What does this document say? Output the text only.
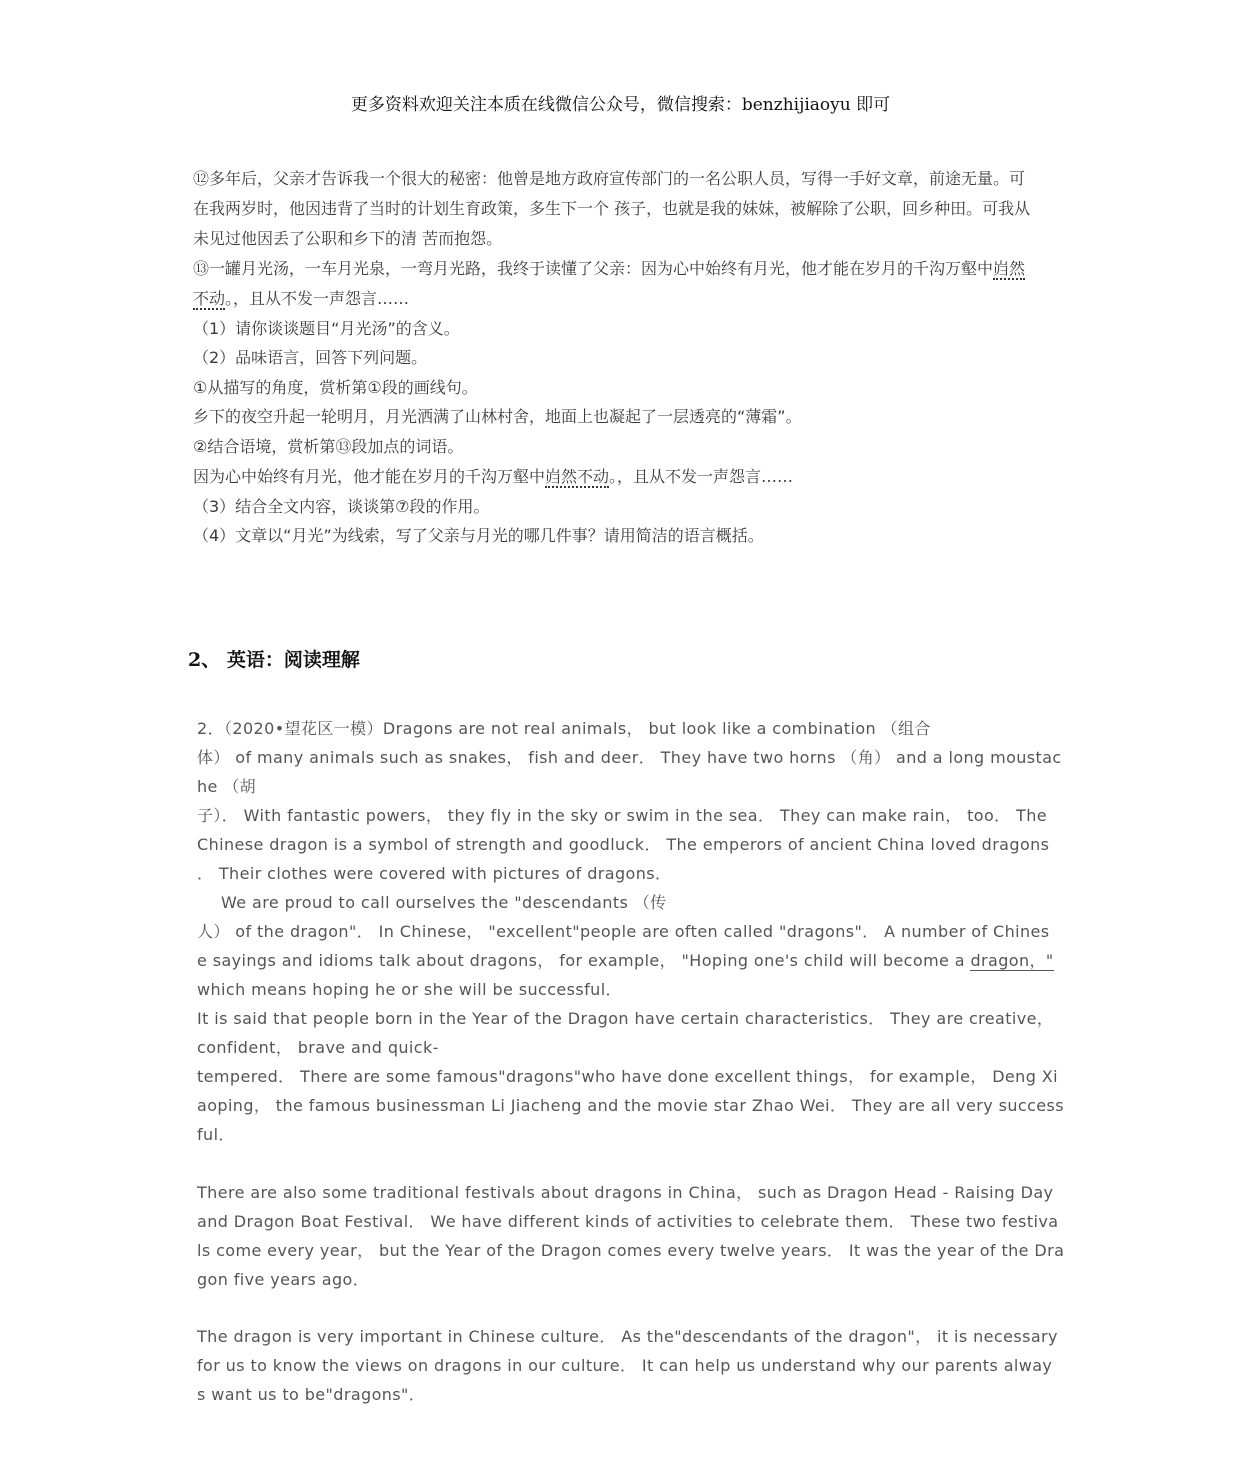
更多资料欢迎关注本质在线微信公众号，微信搜索：benzhijiaoyu 即可
⑫多年后，父亲才告诉我一个很大的秘密：他曾是地方政府宣传部门的一名公职人员，写得一手好文章，前途无量。可
在我两岁时，他因违背了当时的计划生育政策，多生下一个 孩子，也就是我的妹妹，被解除了公职，回乡种田。可我从
未见过他因丢了公职和乡下的清 苦而抱怨。
⑬一罐月光汤，一车月光泉，一弯月光路，我终于读懂了父亲：因为心中始终有月光，他才能在岁月的千沟万壑中岿然
不动。，且从不发一声怨言……
（1）请你谈谈题目“月光汤”的含义。
（2）品味语言，回答下列问题。
①从描写的角度，赏析第①段的画线句。
乡下的夜空升起一轮明月，月光洒满了山林村舍，地面上也凝起了一层透亮的“薄霜”。
②结合语境，赏析第⑬段加点的词语。
因为心中始终有月光，他才能在岁月的千沟万壑中岿然不动。，且从不发一声怨言……
（3）结合全文内容，谈谈第⑦段的作用。
（4）文章以“月光”为线索，写了父亲与月光的哪几件事？请用简洁的语言概括。
2、 英语：阅读理解
2．（2020•望花区一模）Dragons are not real animals， but look like a combination （组合
体） of many animals such as snakes， fish and deer． They have two horns （角） and a long moustac
he （胡
子）． With fantastic powers， they fly in the sky or swim in the sea． They can make rain， too． The
Chinese dragon is a symbol of strength and goodluck． The emperors of ancient China loved dragons
． Their clothes were covered with pictures of dragons．
We are proud to call ourselves the "descendants （传
人） of the dragon"． In Chinese， "excellent"people are often called "dragons"． A number of Chines
e sayings and idioms talk about dragons， for example， "Hoping one's child will become a dragon，"
which means hoping he or she will be successful．
It is said that people born in the Year of the Dragon have certain characteristics． They are creative，
confident， brave and quick-
tempered． There are some famous"dragons"who have done excellent things， for example， Deng Xi
aoping， the famous businessman Li Jiacheng and the movie star Zhao Wei． They are all very success
ful．
There are also some traditional festivals about dragons in China， such as Dragon Head - Raising Day
and Dragon Boat Festival． We have different kinds of activities to celebrate them． These two festiva
ls come every year， but the Year of the Dragon comes every twelve years． It was the year of the Dra
gon five years ago．
The dragon is very important in Chinese culture． As the"descendants of the dragon"， it is necessary
for us to know the views on dragons in our culture． It can help us understand why our parents alway
s want us to be"dragons"．
